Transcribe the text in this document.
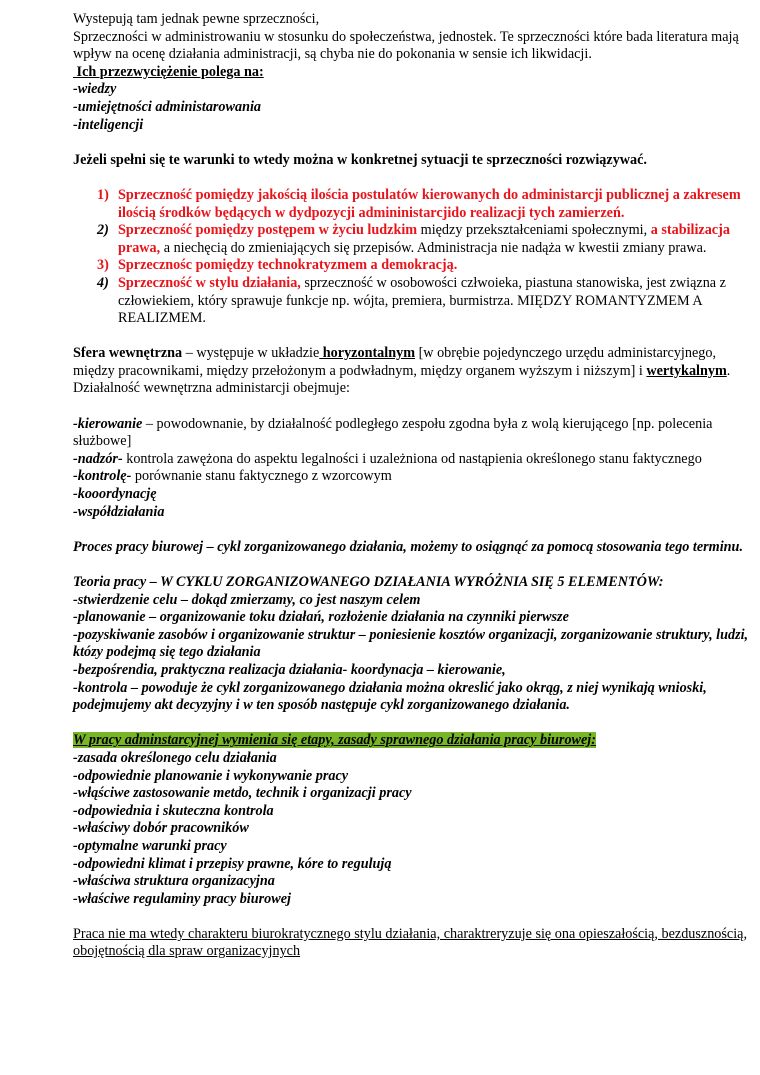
Wystepują tam jednak pewne sprzeczności,

Sprzeczności w administrowaniu w stosunku do społeczeństwa, jednostek. Te sprzeczności które bada literatura mają wpływ na ocenę działania administracji, są chyba nie do pokonania w sensie ich likwidacji.

Ich przezwyciężenie polega na:

-wiedzy

-umiejętności administarowania

-inteligencji

Jeżeli spełni się te warunki to wtedy można w konkretnej sytuacji te sprzeczności rozwiązywać.

1) Sprzeczność pomiędzy jakością ilościa postulatów kierowanych do administarcji publicznej a zakresem ilością środków będących w dydpozycji admininistarcjido realizacji tych zamierzeń.
2) Sprzeczność pomiędzy postępem w życiu ludzkim między przekształceniami społecznymi, a stabilizacja prawa, a niechęcią do zmieniających się przepisów. Administracja nie nadąża w kwestii zmiany prawa.
3) Sprzecznośc pomiędzy technokratyzmem a demokracją.
4) Sprzeczność w stylu działania, sprzeczność w osobowości człwoieka, piastuna stanowiska, jest związna z człowiekiem, który sprawuje funkcje np. wójta, premiera, burmistrza. MIĘDZY ROMANTYZMEM A REALIZMEM.

Sfera wewnętrzna – występuje w układzie horyzontalnym [w obrębie pojedynczego urzędu administarcyjnego, między pracownikami, między przełożonym a podwładnym, między organem wyższym i niższym] i wertykalnym.

Działalność wewnętrzna administarcji obejmuje:

-kierowanie – powodownanie, by działalność podległego zespołu zgodna była z wolą kierującego [np. polecenia służbowe]

-nadzór- kontrola zawężona do aspektu legalności i uzależniona od nastąpienia określonego stanu faktycznego

-kontrolę- porównanie stanu faktycznego z wzorcowym

-kooordynację

-współdziałania

Proces pracy biurowej – cykl zorganizowanego działania, możemy to osiągnąć za pomocą stosowania tego terminu.

Teoria pracy – W CYKLU ZORGANIZOWANEGO DZIAŁANIA WYRÓŻNIA SIĘ 5 ELEMENTÓW:

-stwierdzenie celu – dokąd zmierzamy, co jest naszym celem

-planowanie – organizowanie toku działań, rozłożenie działania na czynniki pierwsze

-pozyskiwanie zasobów i organizowanie struktur – poniesienie kosztów organizacji, zorganizowanie struktury, ludzi, któzy podejmą się tego działania

-bezpośrendia, praktyczna realizacja działania- koordynacja – kierowanie,

-kontrola – powoduje że cykl zorganizowanego działania można okreslić jako okrąg, z niej wynikają wnioski, podejmujemy akt decyzyjny i w ten sposób następuje cykl zorganizowanego działania.

W pracy adminstarcyjnej wymienia się etapy, zasady sprawnego działania pracy biurowej:

-zasada określonego celu działania

-odpowiednie planowanie i wykonywanie pracy

-włąściwe zastosowanie metdo, technik i organizacji pracy

-odpowiednia i skuteczna kontrola

-właściwy dobór pracowników

-optymalne warunki pracy

-odpowiedni klimat i przepisy prawne, kóre to regulują

-właściwa struktura organizacyjna

-właściwe regulaminy pracy biurowej

Praca nie ma wtedy charakteru biurokratycznego stylu działania, charaktreryzuje się ona opieszałością, bezdusznością, obojętnością dla spraw organizacyjnych
